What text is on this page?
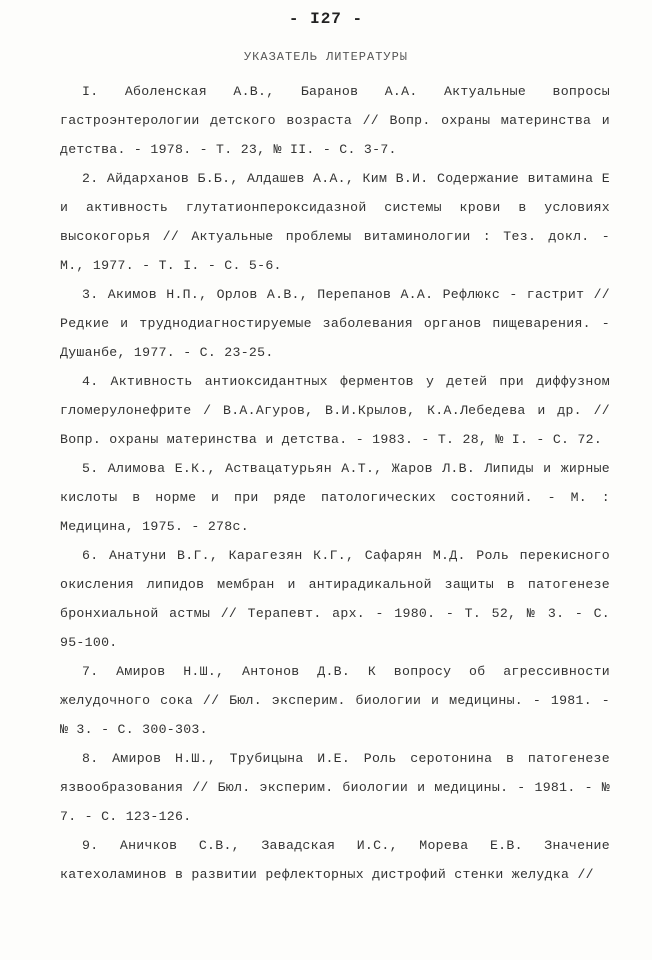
- I27 -
УКАЗАТЕЛЬ ЛИТЕРАТУРЫ

I. Аболенская А.В., Баранов А.А. Актуальные вопросы гастроэнтерологии детского возраста // Вопр. охраны материнства и детства. - 1978. - Т. 23, № II. - С. 3-7.

2. Айдарханов Б.Б., Алдашев А.А., Ким В.И. Содержание витамина Е и активность глутатионпероксидазной системы крови в условиях высокогорья // Актуальные проблемы витаминологии : Тез. докл. - М., 1977. - Т. I. - С. 5-6.

3. Акимов Н.П., Орлов А.В., Перепанов А.А. Рефлюкс - гастрит // Редкие и труднодиагностируемые заболевания органов пищеварения. - Душанбе, 1977. - С. 23-25.

4. Активность антиоксидантных ферментов у детей при диффузном гломерулонефрите / В.А.Агуров, В.И.Крылов, К.А.Лебедева и др. // Вопр. охраны материнства и детства. - 1983. - Т. 28, № I. - С. 72.

5. Алимова Е.К., Аствацатурьян А.Т., Жаров Л.В. Липиды и жирные кислоты в норме и при ряде патологических состояний. - М. : Медицина, 1975. - 278с.

6. Анатуни В.Г., Карагезян К.Г., Сафарян М.Д. Роль перекисного окисления липидов мембран и антирадикальной защиты в патогенезе бронхиальной астмы // Терапевт. арх. - 1980. - Т. 52, № 3. - С. 95-100.

7. Амиров Н.Ш., Антонов Д.В. К вопросу об агрессивности желудочного сока // Бюл. эксперим. биологии и медицины. - 1981. - № 3. - С. 300-303.

8. Амиров Н.Ш., Трубицына И.Е. Роль серотонина в патогенезе язвообразования // Бюл. эксперим. биологии и медицины. - 1981. - № 7. - С. 123-126.

9. Аничков С.В., Завадская И.С., Морева Е.В. Значение катехоламинов в развитии рефлекторных дистрофий стенки желудка //
